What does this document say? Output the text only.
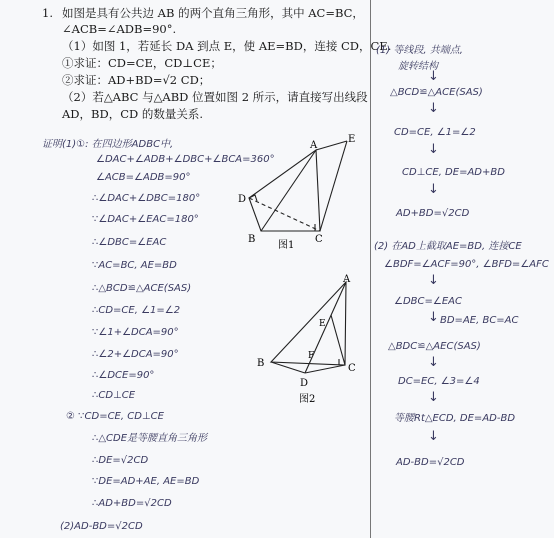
1. 如图是具有公共边 AB 的两个直角三角形，其中 AC=BC，
∠ACB=∠ADB=90°.
（1）如图 1，若延长 DA 到点 E，使 AE=BD，连接 CD，CE.
①求证：CD=CE，CD⊥CE；
②求证：AD+BD=√2 CD；
（2）若△ABC 与△ABD 位置如图 2 所示，请直接写出线段
AD，BD，CD 的数量关系.
D
A
E
B	C
图1
B
A
E
F
C
D
图2
证明(1)①: 在四边形ADBC中,
∠DAC+∠ADB+∠DBC+∠BCA=360°
∠ACB=∠ADB=90°
∴∠DAC+∠DBC=180°
∵∠DAC+∠EAC=180°
∴∠DBC=∠EAC
∵AC=BC, AE=BD
∴△BCD≌△ACE(SAS)
∴CD=CE, ∠1=∠2
∵∠1+∠DCA=90°
∴∠2+∠DCA=90°
∴∠DCE=90°
∴CD⊥CE
② ∵CD=CE, CD⊥CE
∴△CDE是等腰直角三角形
∴DE=√2CD
∵DE=AD+AE, AE=BD
∴AD+BD=√2CD
(2)AD-BD=√2CD
(1) 等线段, 共端点,
旋转结构
↓
△BCD≌△ACE(SAS)
↓
CD=CE, ∠1=∠2
↓
CD⊥CE, DE=AD+BD
↓
AD+BD=√2CD
(2) 在AD上截取AE=BD, 连接CE
∠BDF=∠ACF=90°, ∠BFD=∠AFC
↓
∠DBC=∠EAC
↓ BD=AE, BC=AC
△BDC≌△AEC(SAS)
↓
DC=EC, ∠3=∠4
↓
等腰Rt△ECD, DE=AD-BD
↓
AD-BD=√2CD
